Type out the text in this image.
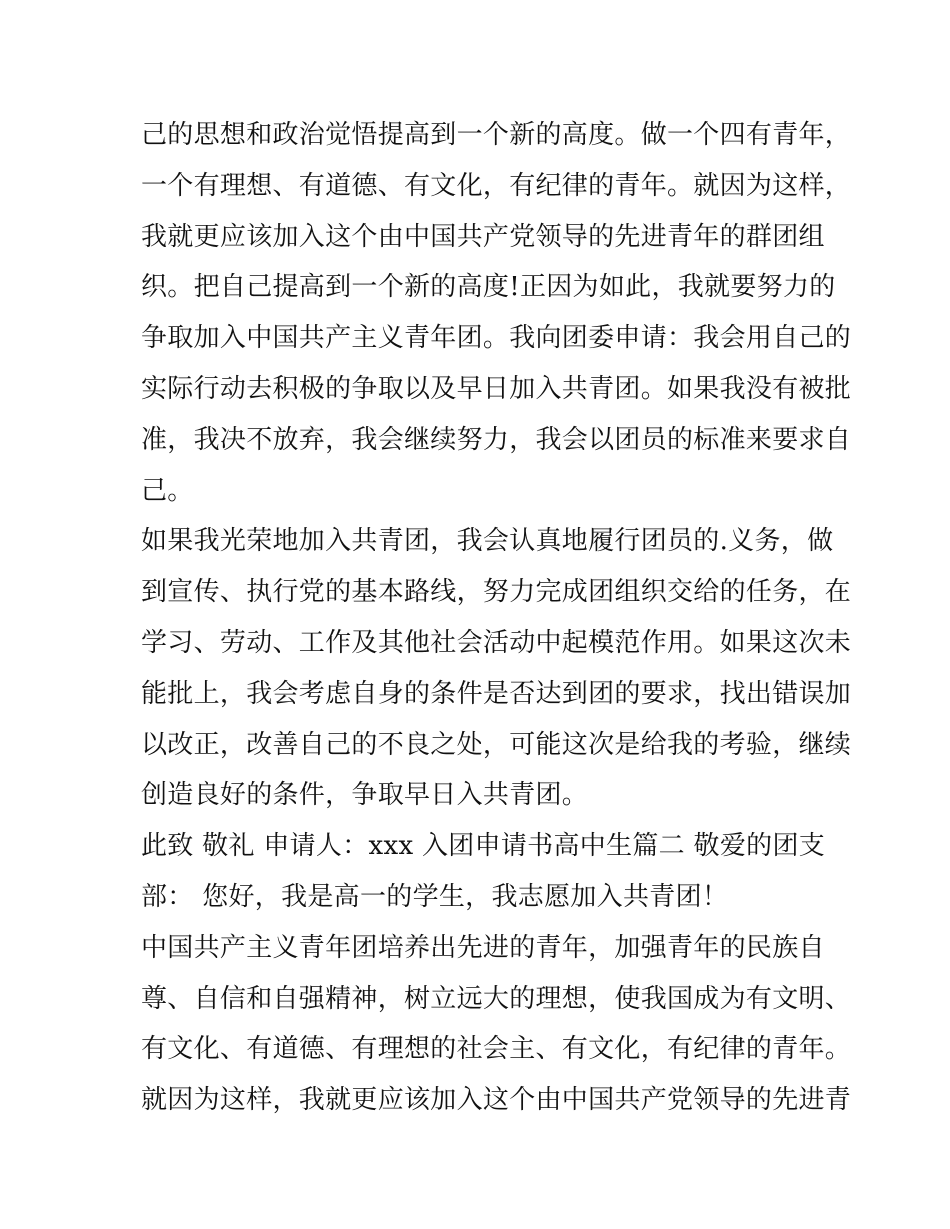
己的思想和政治觉悟提高到一个新的高度。做一个四有青年，
一个有理想、有道德、有文化，有纪律的青年。就因为这样，
我就更应该加入这个由中国共产党领导的先进青年的群团组
织。把自己提高到一个新的高度!正因为如此，我就要努力的
争取加入中国共产主义青年团。我向团委申请：我会用自己的
实际行动去积极的争取以及早日加入共青团。如果我没有被批
准，我决不放弃，我会继续努力，我会以团员的标准来要求自
己。
如果我光荣地加入共青团，我会认真地履行团员的.义务，做
到宣传、执行党的基本路线，努力完成团组织交给的任务，在
学习、劳动、工作及其他社会活动中起模范作用。如果这次未
能批上，我会考虑自身的条件是否达到团的要求，找出错误加
以改正，改善自己的不良之处，可能这次是给我的考验，继续
创造良好的条件，争取早日入共青团。
此致 敬礼 申请人：xxx 入团申请书高中生篇二 敬爱的团支
部： 您好，我是高一的学生，我志愿加入共青团！
中国共产主义青年团培养出先进的青年，加强青年的民族自
尊、自信和自强精神，树立远大的理想，使我国成为有文明、
有文化、有道德、有理想的社会主、有文化，有纪律的青年。
就因为这样，我就更应该加入这个由中国共产党领导的先进青
